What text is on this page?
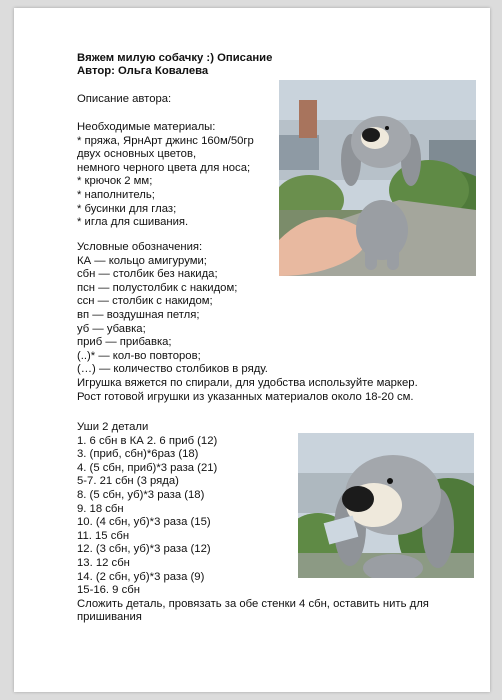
Вяжем милую собачку :) Описание
Автор: Ольга Ковалева
Описание автора:
Необходимые материалы:
* пряжа, ЯрнАрт джинс 160м/50гр
двух основных цветов,
немного черного цвета для носа;
* крючок 2 мм;
* наполнитель;
* бусинки для глаз;
* игла для сшивания.
Условные обозначения:
КА — кольцо амигуруми;
сбн — столбик без накида;
псн — полустолбик с накидом;
ссн — столбик с накидом;
вп — воздушная петля;
уб — убавка;
приб — прибавка;
(..)* — кол-во повторов;
(…) — количество столбиков в ряду.
Игрушка вяжется по спирали, для удобства используйте маркер.
Рост готовой игрушки из указанных материалов около 18-20 см.
Уши 2 детали
1. 6 сбн в КА 2. 6 приб (12)
3. (приб, сбн)*6раз (18)
4. (5 сбн, приб)*3 раза (21)
5-7. 21 сбн (3 ряда)
8. (5 сбн, уб)*3 раза (18)
9. 18 сбн
10. (4 сбн, уб)*3 раза (15)
11. 15 сбн
12. (3 сбн, уб)*3 раза (12)
13. 12 сбн
14. (2 сбн, уб)*3 раза (9)
15-16. 9 сбн
Сложить деталь, провязать за обе стенки 4 сбн, оставить нить для
пришивания
